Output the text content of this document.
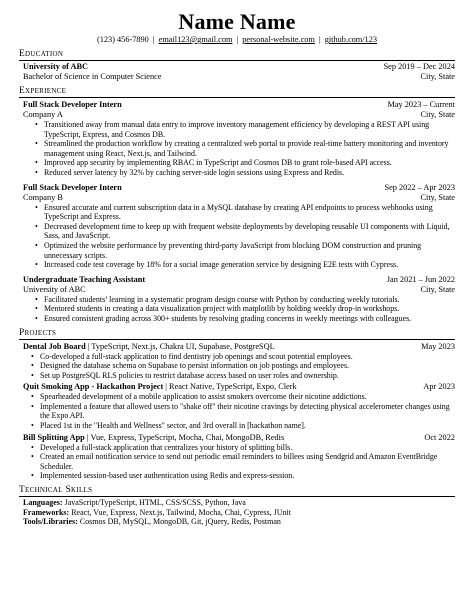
Name Name
(123) 456-7890 | email123@gmail.com | personal-website.com | github.com/123
Education
University of ABC	Sep 2019 – Dec 2024
Bachelor of Science in Computer Science	City, State
Experience
Full Stack Developer Intern	May 2023 – Current
Company A	City, State
• Transitioned away from manual data entry to improve inventory management efficiency by developing a REST API using TypeScript, Express, and Cosmos DB.
• Streamlined the production workflow by creating a centralized web portal to provide real-time battery monitoring and inventory management using React, Next.js, and Tailwind.
• Improved app security by implementing RBAC in TypeScript and Cosmos DB to grant role-based API access.
• Reduced server latency by 32% by caching server-side login sessions using Express and Redis.
Full Stack Developer Intern	Sep 2022 – Apr 2023
Company B	City, State
• Ensured accurate and current subscription data in a MySQL database by creating API endpoints to process webhooks using TypeScript and Express.
• Decreased development time to keep up with frequent website deployments by developing reusable UI components with Liquid, Sass, and JavaScript.
• Optimized the website performance by preventing third-party JavaScript from blocking DOM construction and pruning unnecessary scripts.
• Increased code test coverage by 18% for a social image generation service by designing E2E tests with Cypress.
Undergraduate Teaching Assistant	Jan 2021 – Jun 2022
University of ABC	City, State
• Facilitated students’ learning in a systematic program design course with Python by conducting weekly tutorials.
• Mentored students in creating a data visualization project with matplotlib by holding weekly drop-in workshops.
• Ensured consistent grading across 300+ students by resolving grading concerns in weekly meetings with colleagues.
Projects
Dental Job Board | TypeScript, Next.js, Chakra UI, Supabase, PostgreSQL	May 2023
• Co-developed a full-stack application to find dentistry job openings and scout potential employees.
• Designed the database schema on Supabase to persist information on job postings and employees.
• Set up PostgreSQL RLS policies to restrict database access based on user roles and ownership.
Quit Smoking App - Hackathon Project | React Native, TypeScript, Expo, Clerk	Apr 2023
• Spearheaded development of a mobile application to assist smokers overcome their nicotine addictions.
• Implemented a feature that allowed users to "shake off" their nicotine cravings by detecting physical accelerometer changes using the Expo API.
• Placed 1st in the "Health and Wellness" sector, and 3rd overall in [hackathon name].
Bill Splitting App | Vue, Express, TypeScript, Mocha, Chai, MongoDB, Redis	Oct 2022
• Developed a full-stack application that centralizes your history of splitting bills.
• Created an email notification service to send out periodic email reminders to billees using Sendgrid and Amazon EventBridge Scheduler.
• Implemented session-based user authentication using Redis and express-session.
Technical Skills
Languages: JavaScript/TypeScript, HTML, CSS/SCSS, Python, Java
Frameworks: React, Vue, Express, Next.js, Tailwind, Mocha, Chai, Cypress, JUnit
Tools/Libraries: Cosmos DB, MySQL, MongoDB, Git, jQuery, Redis, Postman
